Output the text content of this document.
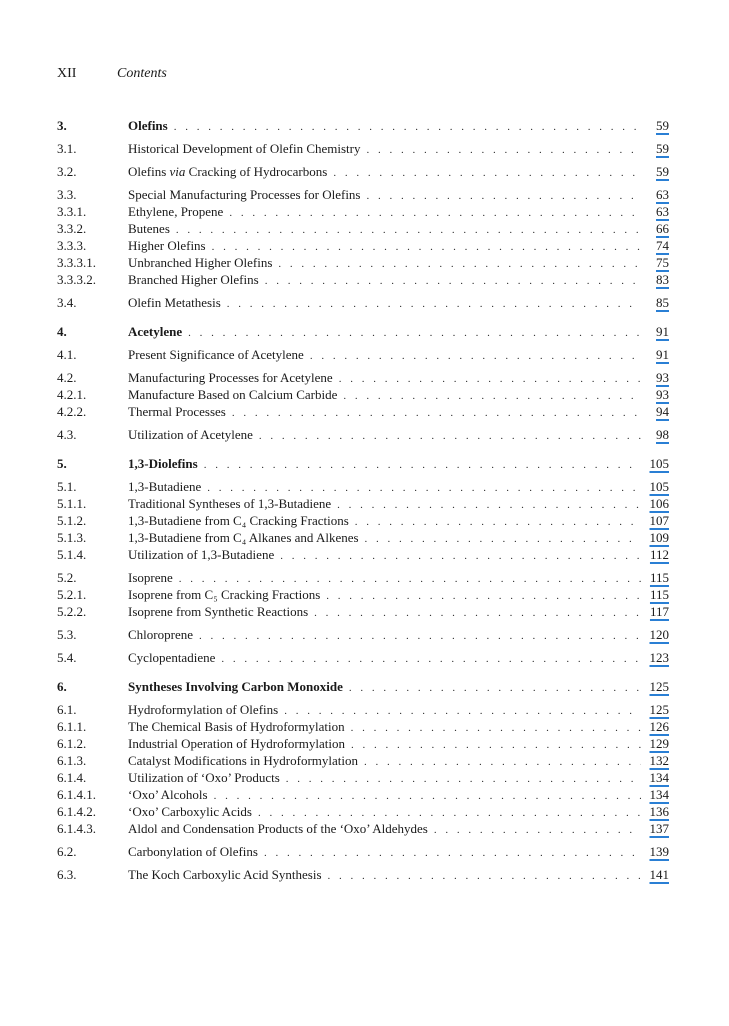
XII	Contents
3.	Olefins . . .	59
3.1.	Historical Development of Olefin Chemistry . . .	59
3.2.	Olefins via Cracking of Hydrocarbons . . .	59
3.3.	Special Manufacturing Processes for Olefins . . .	63
3.3.1.	Ethylene, Propene . . .	63
3.3.2.	Butenes . . .	66
3.3.3.	Higher Olefins . . .	74
3.3.3.1.	Unbranched Higher Olefins . . .	75
3.3.3.2.	Branched Higher Olefins . . .	83
3.4.	Olefin Metathesis . . .	85
4.	Acetylene . . .	91
4.1.	Present Significance of Acetylene . . .	91
4.2.	Manufacturing Processes for Acetylene . . .	93
4.2.1.	Manufacture Based on Calcium Carbide . . .	93
4.2.2.	Thermal Processes . . .	94
4.3.	Utilization of Acetylene . . .	98
5.	1,3-Diolefins . . .	105
5.1.	1,3-Butadiene . . .	105
5.1.1.	Traditional Syntheses of 1,3-Butadiene . . .	106
5.1.2.	1,3-Butadiene from C₄ Cracking Fractions . . .	107
5.1.3.	1,3-Butadiene from C₄ Alkanes and Alkenes . . .	109
5.1.4.	Utilization of 1,3-Butadiene . . .	112
5.2.	Isoprene . . .	115
5.2.1.	Isoprene from C₅ Cracking Fractions . . .	115
5.2.2.	Isoprene from Synthetic Reactions . . .	117
5.3.	Chloroprene . . .	120
5.4.	Cyclopentadiene . . .	123
6.	Syntheses Involving Carbon Monoxide . . .	125
6.1.	Hydroformylation of Olefins . . .	125
6.1.1.	The Chemical Basis of Hydroformylation . . .	126
6.1.2.	Industrial Operation of Hydroformylation . . .	129
6.1.3.	Catalyst Modifications in Hydroformylation . . .	132
6.1.4.	Utilization of ‘Oxo’ Products . . .	134
6.1.4.1.	‘Oxo’ Alcohols . . .	134
6.1.4.2.	‘Oxo’ Carboxylic Acids . . .	136
6.1.4.3.	Aldol and Condensation Products of the ‘Oxo’ Aldehydes . . .	137
6.2.	Carbonylation of Olefins . . .	139
6.3.	The Koch Carboxylic Acid Synthesis . . .	141
